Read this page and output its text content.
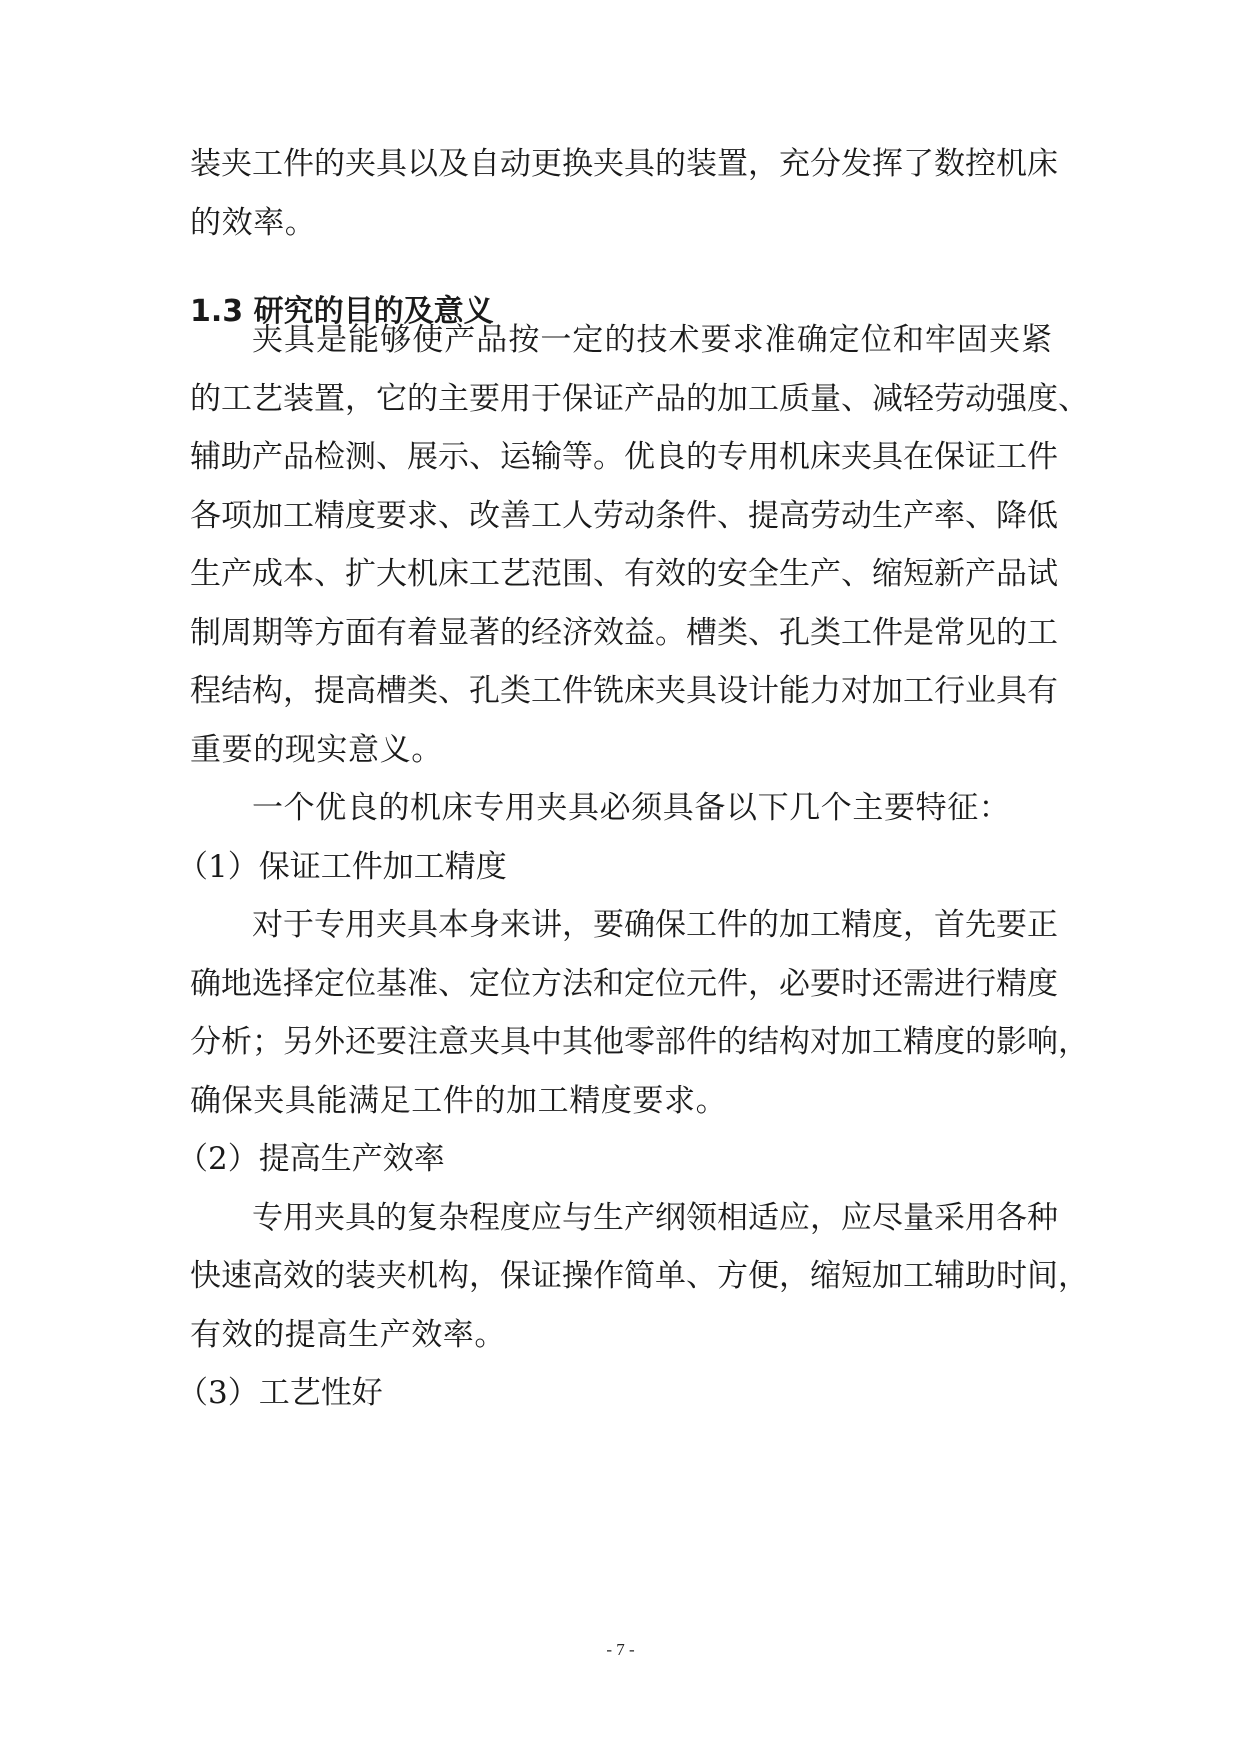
装夹工件的夹具以及自动更换夹具的装置，充分发挥了数控机床
的效率。
1.3 研究的目的及意义
夹具是能够使产品按一定的技术要求准确定位和牢固夹紧
的工艺装置，它的主要用于保证产品的加工质量、减轻劳动强度、
辅助产品检测、展示、运输等。优良的专用机床夹具在保证工件
各项加工精度要求、改善工人劳动条件、提高劳动生产率、降低
生产成本、扩大机床工艺范围、有效的安全生产、缩短新产品试
制周期等方面有着显著的经济效益。槽类、孔类工件是常见的工
程结构，提高槽类、孔类工件铣床夹具设计能力对加工行业具有
重要的现实意义。
一个优良的机床专用夹具必须具备以下几个主要特征：
（1）保证工件加工精度
对于专用夹具本身来讲，要确保工件的加工精度，首先要正
确地选择定位基准、定位方法和定位元件，必要时还需进行精度
分析；另外还要注意夹具中其他零部件的结构对加工精度的影响，
确保夹具能满足工件的加工精度要求。
（2）提高生产效率
专用夹具的复杂程度应与生产纲领相适应，应尽量采用各种
快速高效的装夹机构，保证操作简单、方便，缩短加工辅助时间，
有效的提高生产效率。
（3）工艺性好
- 7 -
